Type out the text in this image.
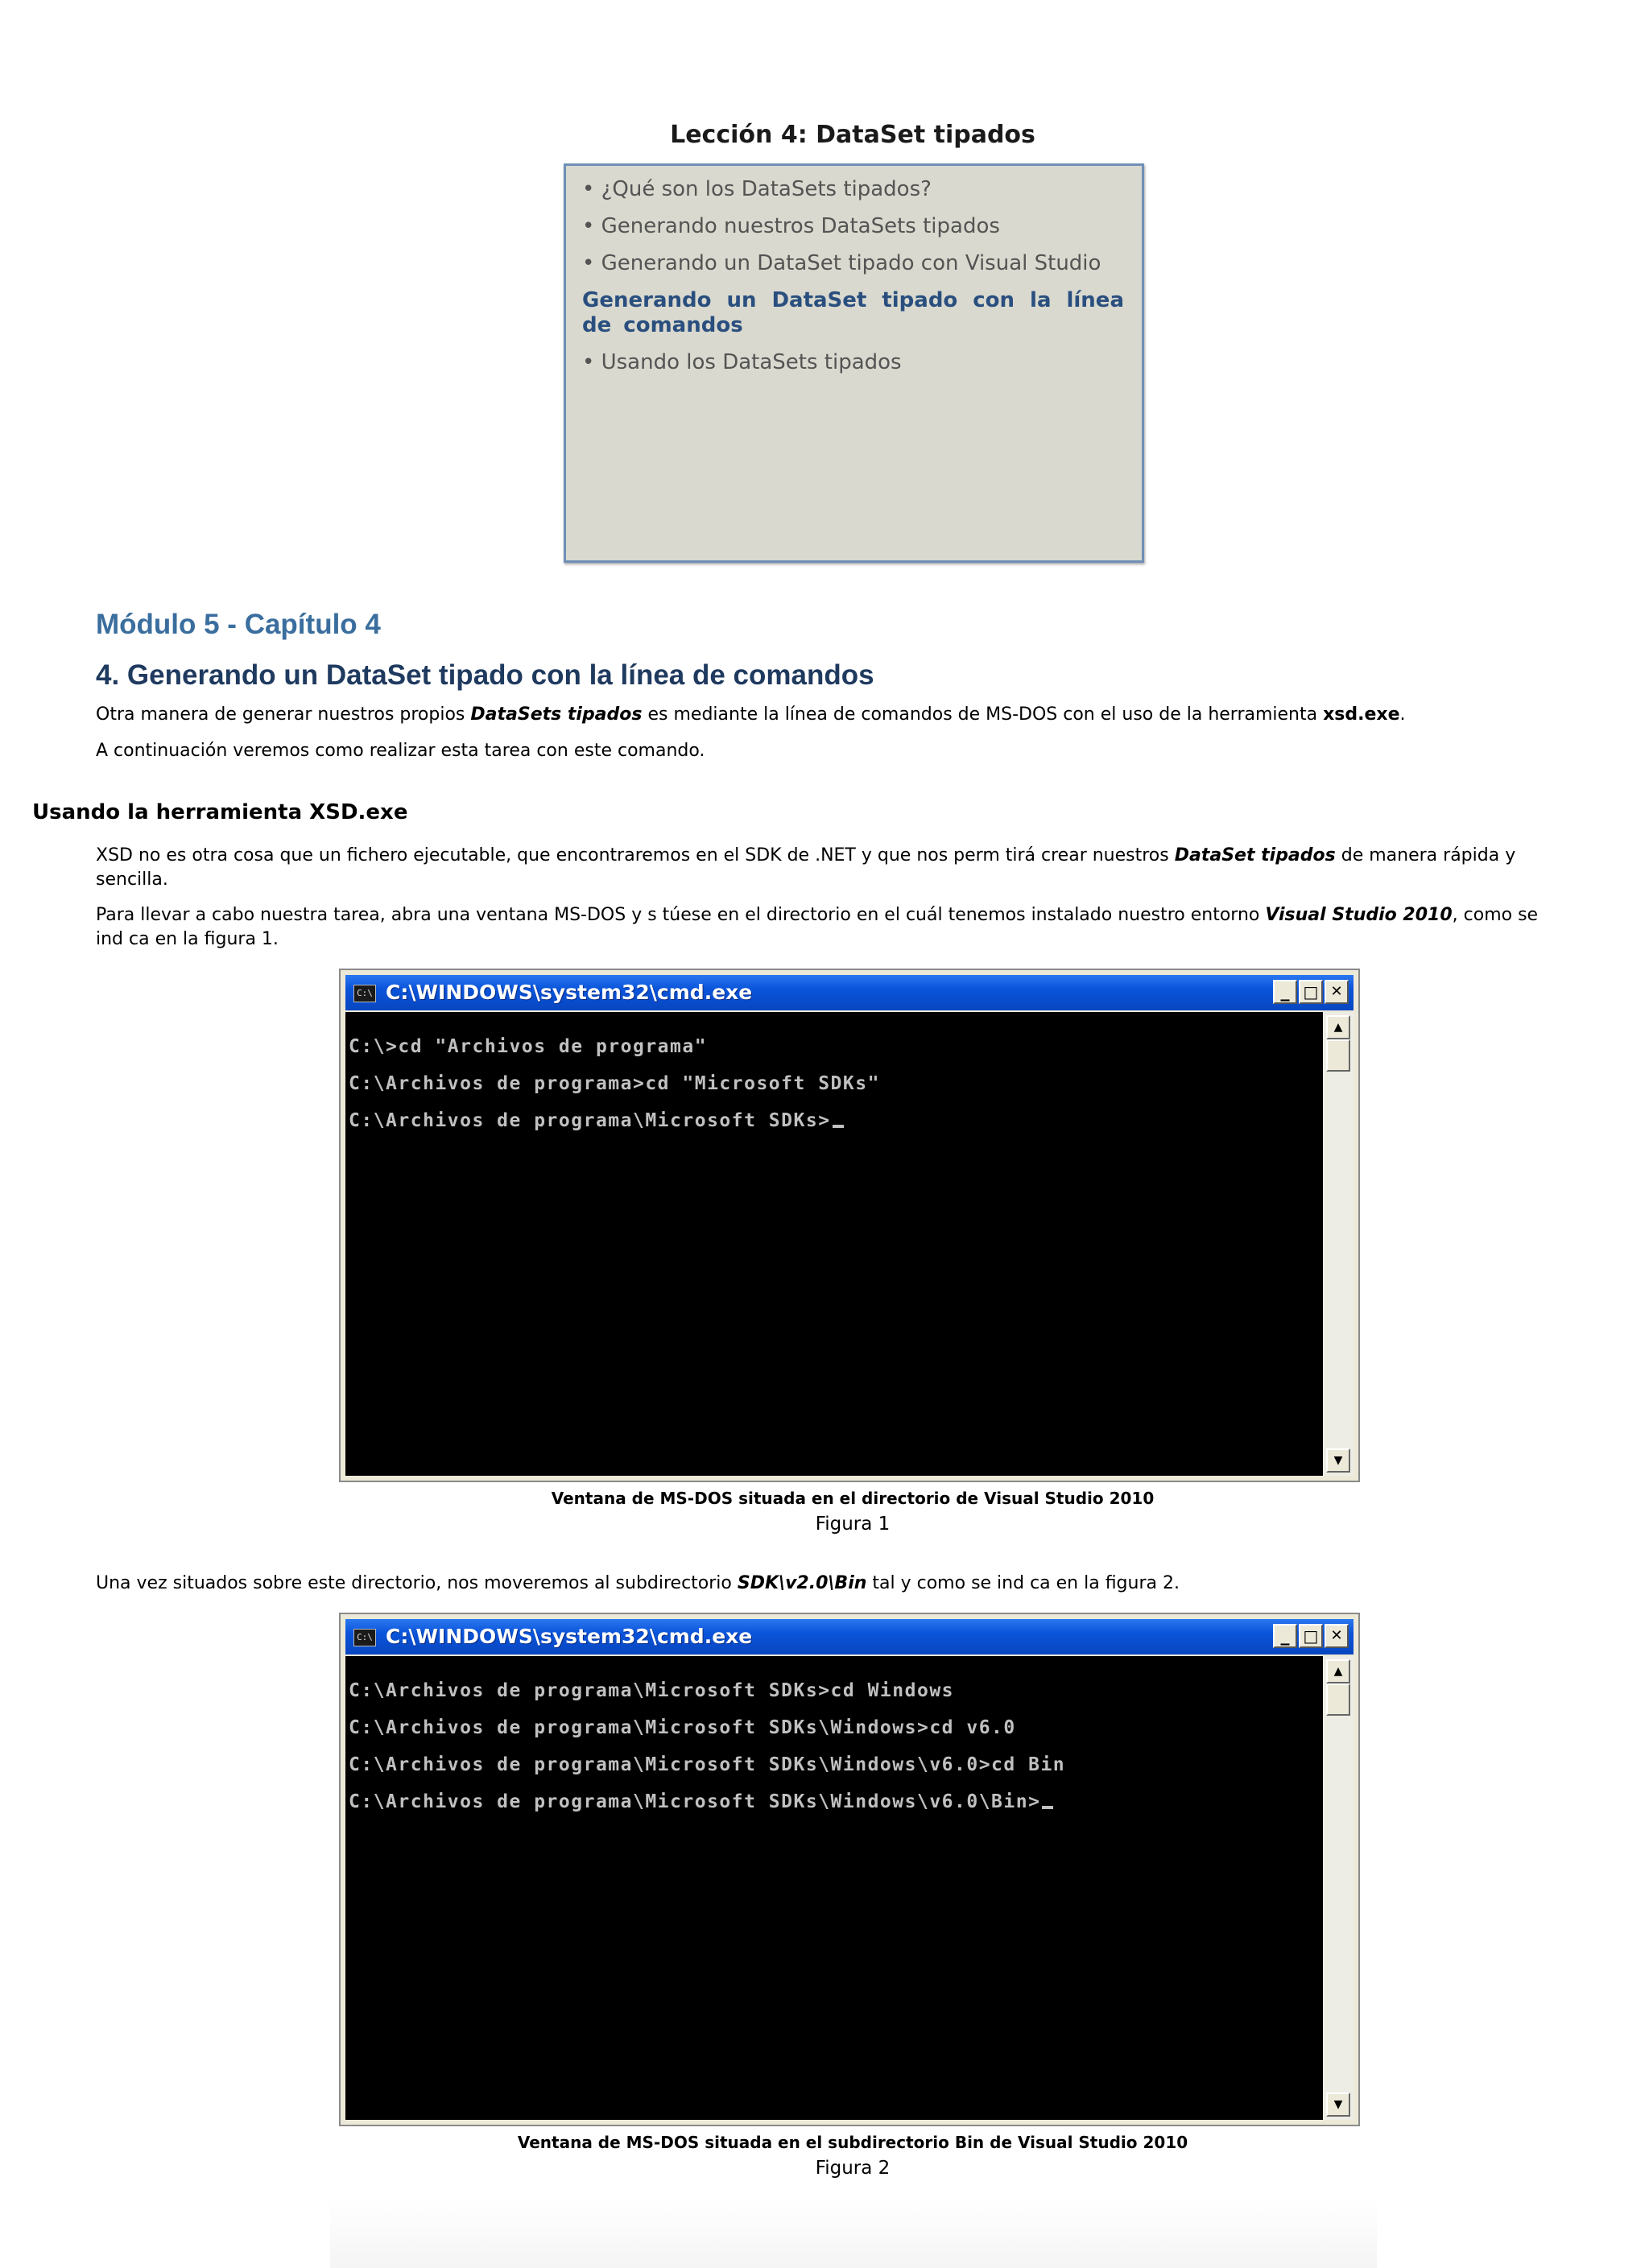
Lección 4: DataSet tipados
• ¿Qué son los DataSets tipados?
• Generando nuestros DataSets tipados
• Generando un DataSet tipado con Visual Studio
Generando un DataSet tipado con la línea de comandos
• Usando los DataSets tipados
Módulo 5 - Capítulo 4
4. Generando un DataSet tipado con la línea de comandos
Otra manera de generar nuestros propios DataSets tipados es mediante la línea de comandos de MS-DOS con el uso de la herramienta xsd.exe.
A continuación veremos como realizar esta tarea con este comando.
Usando la herramienta XSD.exe
XSD no es otra cosa que un fichero ejecutable, que encontraremos en el SDK de .NET y que nos perm tirá crear nuestros DataSet tipados de manera rápida y sencilla.
Para llevar a cabo nuestra tarea, abra una ventana MS-DOS y s túese en el directorio en el cuál tenemos instalado nuestro entorno Visual Studio 2010, como se ind ca en la figura 1.
C:\ C:\WINDOWS\system32\cmd.exe	_ □ ✕
C:\>cd "Archivos de programa"
C:\Archivos de programa>cd "Microsoft SDKs"
C:\Archivos de programa\Microsoft SDKs>
▲
▼
Ventana de MS-DOS situada en el directorio de Visual Studio 2010
Figura 1
Una vez situados sobre este directorio, nos moveremos al subdirectorio SDK\v2.0\Bin tal y como se ind ca en la figura 2.
C:\ C:\WINDOWS\system32\cmd.exe	_ □ ✕
C:\Archivos de programa\Microsoft SDKs>cd Windows
C:\Archivos de programa\Microsoft SDKs\Windows>cd v6.0
C:\Archivos de programa\Microsoft SDKs\Windows\v6.0>cd Bin
C:\Archivos de programa\Microsoft SDKs\Windows\v6.0\Bin>
▲
▼
Ventana de MS-DOS situada en el subdirectorio Bin de Visual Studio 2010
Figura 2
